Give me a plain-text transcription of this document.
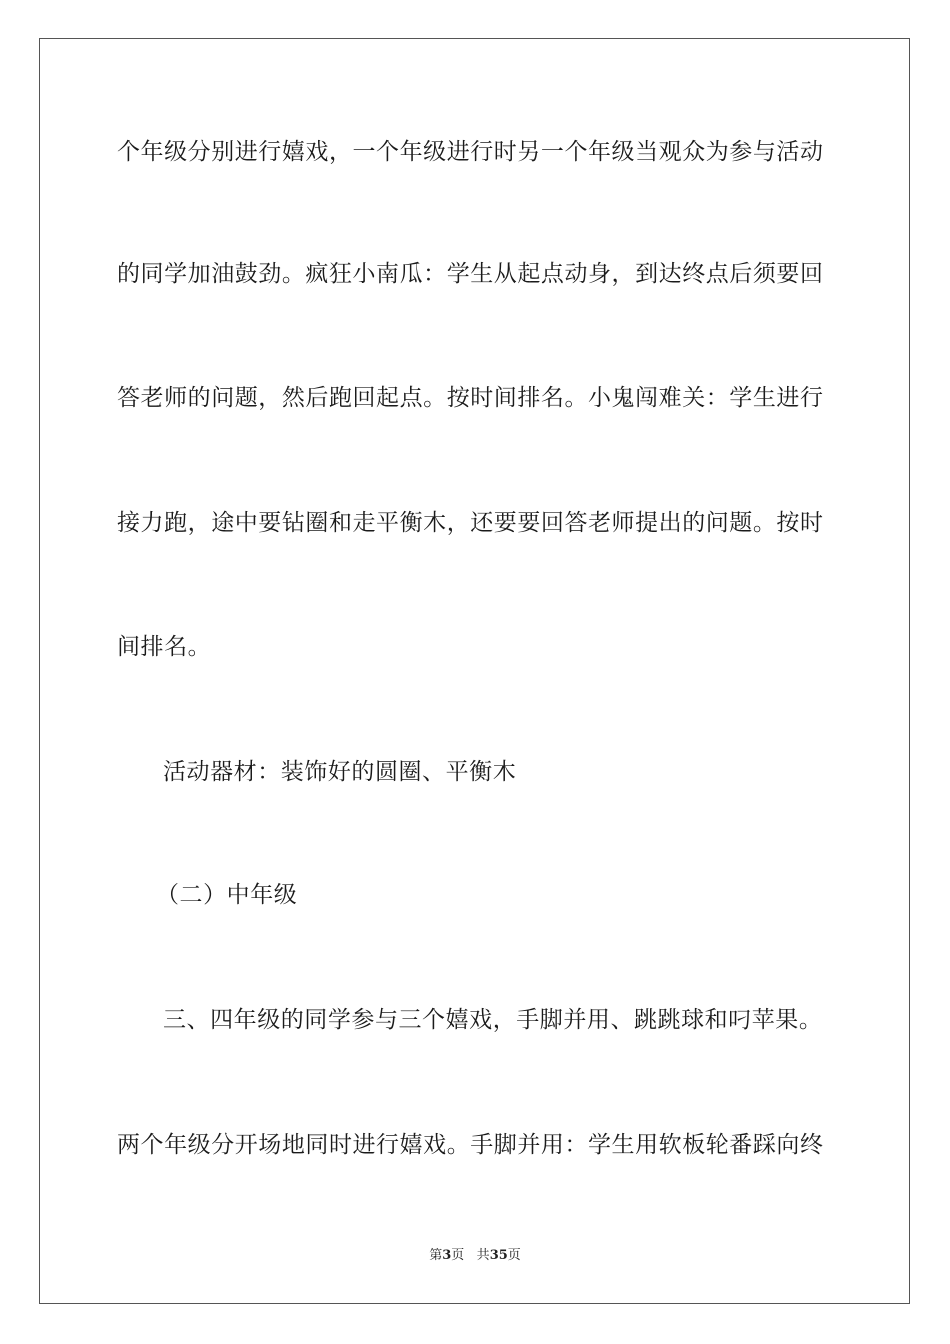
个年级分别进行嬉戏，一个年级进行时另一个年级当观众为参与活动
的同学加油鼓劲。疯狂小南瓜：学生从起点动身，到达终点后须要回
答老师的问题，然后跑回起点。按时间排名。小鬼闯难关：学生进行
接力跑，途中要钻圈和走平衡木，还要要回答老师提出的问题。按时
间排名。
活动器材：装饰好的圆圈、平衡木
（二）中年级
三、四年级的同学参与三个嬉戏，手脚并用、跳跳球和叼苹果。
两个年级分开场地同时进行嬉戏。手脚并用：学生用软板轮番踩向终
第3页 共35页
